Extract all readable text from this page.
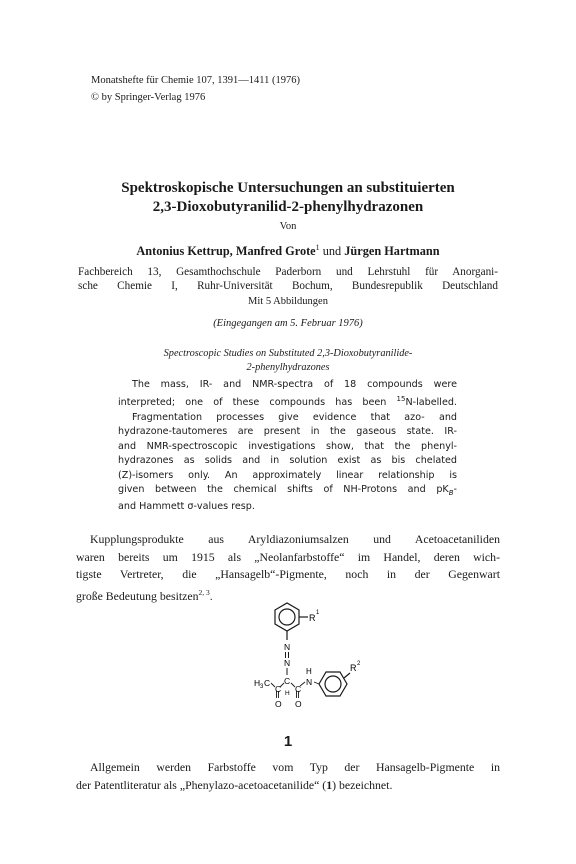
Monatshefte für Chemie 107, 1391—1411 (1976)
© by Springer-Verlag 1976
Spektroskopische Untersuchungen an substituierten
2,3-Dioxobutyranilid-2-phenylhydrazonen
Von
Antonius Kettrup, Manfred Grote$^1$ und Jürgen Hartmann
Fachbereich 13, Gesamthochschule Paderborn und Lehrstuhl für Anorgani-
sche Chemie I, Ruhr-Universität Bochum, Bundesrepublik Deutschland
Mit 5 Abbildungen
(Eingegangen am 5. Februar 1976)
Spectroscopic Studies on Substituted 2,3-Dioxobutyranilide-
2-phenylhydrazones
The mass, IR- and NMR-spectra of 18 compounds were
interpreted; one of these compounds has been $^{15}$N-labelled.
Fragmentation processes give evidence that azo- and
hydrazone-tautomeres are present in the gaseous state. IR-
and NMR-spectroscopic investigations show, that the phenyl-
hydrazones as solids and in solution exist as bis chelated
(Z)-isomers only. An approximately linear relationship is
given between the chemical shifts of NH-Protons and $pK_B-$
and Hammett σ-values resp.
Kupplungsprodukte aus Aryldiazoniumsalzen und Acetoacetaniliden
waren bereits um 1915 als „Neolanfarbstoffe“ im Handel, deren wich-
tigste Vertreter, die „Hansagelb“-Pigmente, noch in der Gegenwart
große Bedeutung besitzen$^{2, 3}$.
R 1
N
N
H 3 C
C
C
H C
H
N
O O
R 2
1
Allgemein werden Farbstoffe vom Typ der Hansagelb-Pigmente in
der Patentliteratur als „Phenylazo-acetoacetanilide“ (1) bezeichnet.
